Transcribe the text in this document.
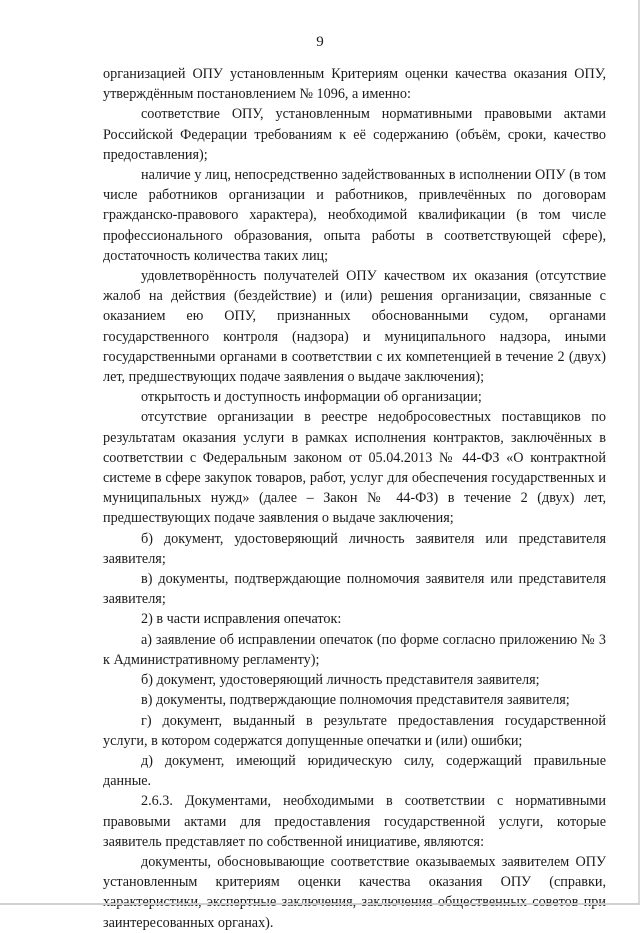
9

организацией ОПУ установленным Критериям оценки качества оказания ОПУ, утверждённым постановлением № 1096, а именно:

соответствие ОПУ, установленным нормативными правовыми актами Российской Федерации требованиям к её содержанию (объём, сроки, качество предоставления);

наличие у лиц, непосредственно задействованных в исполнении ОПУ (в том числе работников организации и работников, привлечённых по договорам гражданско-правового характера), необходимой квалификации (в том числе профессионального образования, опыта работы в соответствующей сфере), достаточность количества таких лиц;

удовлетворённость получателей ОПУ качеством их оказания (отсутствие жалоб на действия (бездействие) и (или) решения организации, связанные с оказанием ею ОПУ, признанных обоснованными судом, органами государственного контроля (надзора) и муниципального надзора, иными государственными органами в соответствии с их компетенцией в течение 2 (двух) лет, предшествующих подаче заявления о выдаче заключения);

открытость и доступность информации об организации;

отсутствие организации в реестре недобросовестных поставщиков по результатам оказания услуги в рамках исполнения контрактов, заключённых в соответствии с Федеральным законом от 05.04.2013 № 44-ФЗ «О контрактной системе в сфере закупок товаров, работ, услуг для обеспечения государственных и муниципальных нужд» (далее – Закон № 44-ФЗ) в течение 2 (двух) лет, предшествующих подаче заявления о выдаче заключения;

б) документ, удостоверяющий личность заявителя или представителя заявителя;

в) документы, подтверждающие полномочия заявителя или представителя заявителя;

2) в части исправления опечаток:

а) заявление об исправлении опечаток (по форме согласно приложению № 3 к Административному регламенту);

б) документ, удостоверяющий личность представителя заявителя;

в) документы, подтверждающие полномочия представителя заявителя;

г) документ, выданный в результате предоставления государственной услуги, в котором содержатся допущенные опечатки и (или) ошибки;

д) документ, имеющий юридическую силу, содержащий правильные данные.

2.6.3. Документами, необходимыми в соответствии с нормативными правовыми актами для предоставления государственной услуги, которые заявитель представляет по собственной инициативе, являются:

документы, обосновывающие соответствие оказываемых заявителем ОПУ установленным критериям оценки качества оказания ОПУ (справки, заинтересованных органах).
